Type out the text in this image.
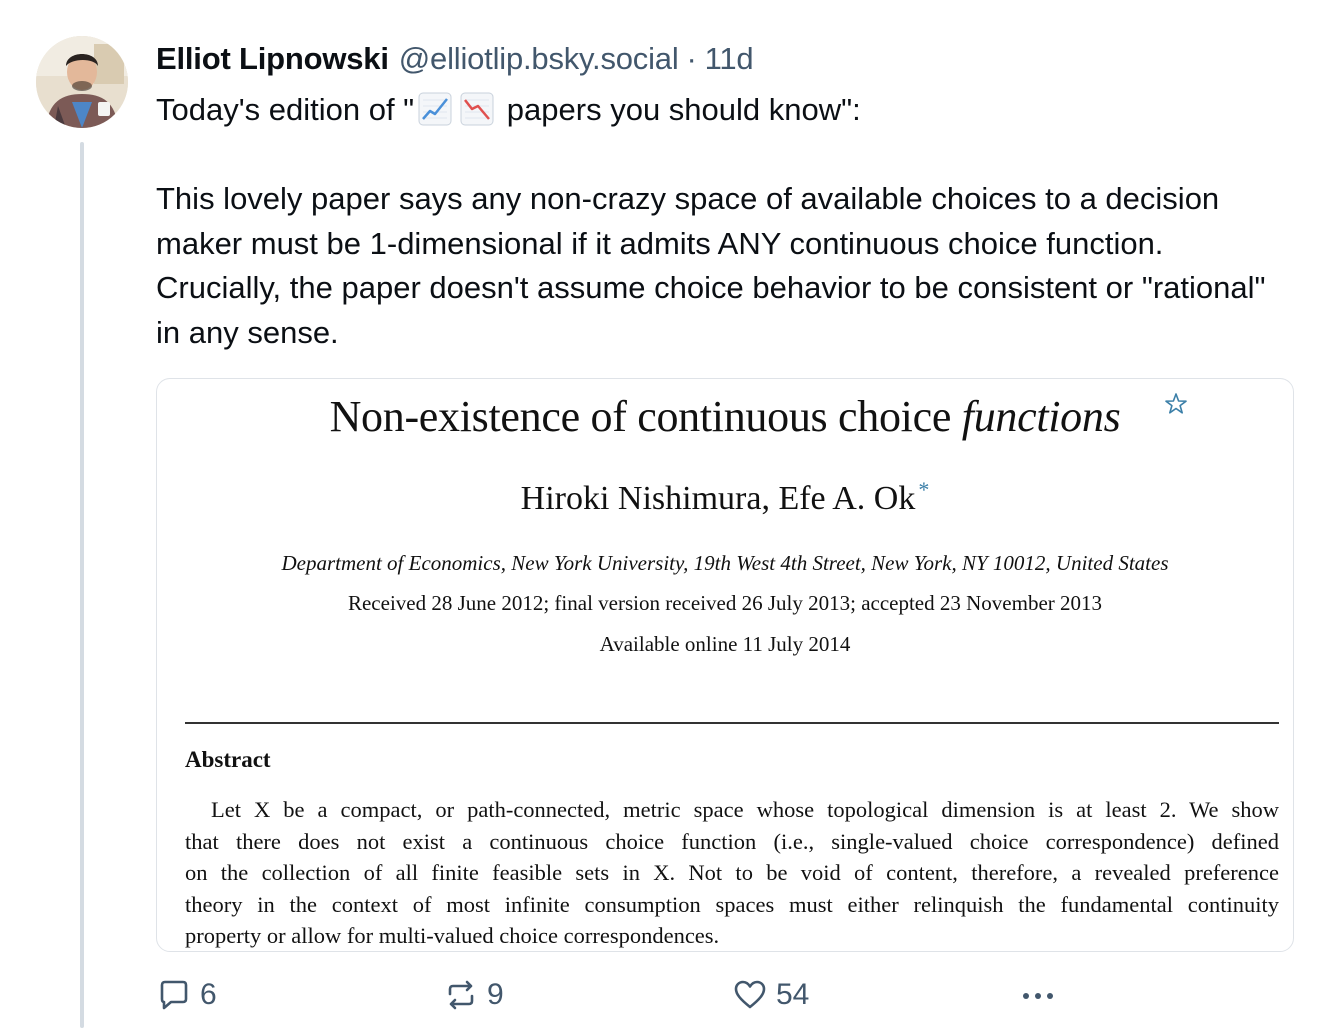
Elliot Lipnowski @elliotlip.bsky.social · 11d

Today's edition of "	papers you should know":

This lovely paper says any non-crazy space of available choices to a decision maker must be 1-dimensional if it admits ANY continuous choice function. Crucially, the paper doesn't assume choice behavior to be consistent or "rational" in any sense.

Non-existence of continuous choice functions
Hiroki Nishimura, Efe A. Ok *
Department of Economics, New York University, 19th West 4th Street, New York, NY 10012, United States
Received 28 June 2012; final version received 26 July 2013; accepted 23 November 2013
Available online 11 July 2014
Abstract
Let X be a compact, or path-connected, metric space whose topological dimension is at least 2. We show
that there does not exist a continuous choice function (i.e., single-valued choice correspondence) defined
on the collection of all finite feasible sets in X. Not to be void of content, therefore, a revealed preference
theory in the context of most infinite consumption spaces must either relinquish the fundamental continuity
property or allow for multi-valued choice correspondences.
6	9	54
